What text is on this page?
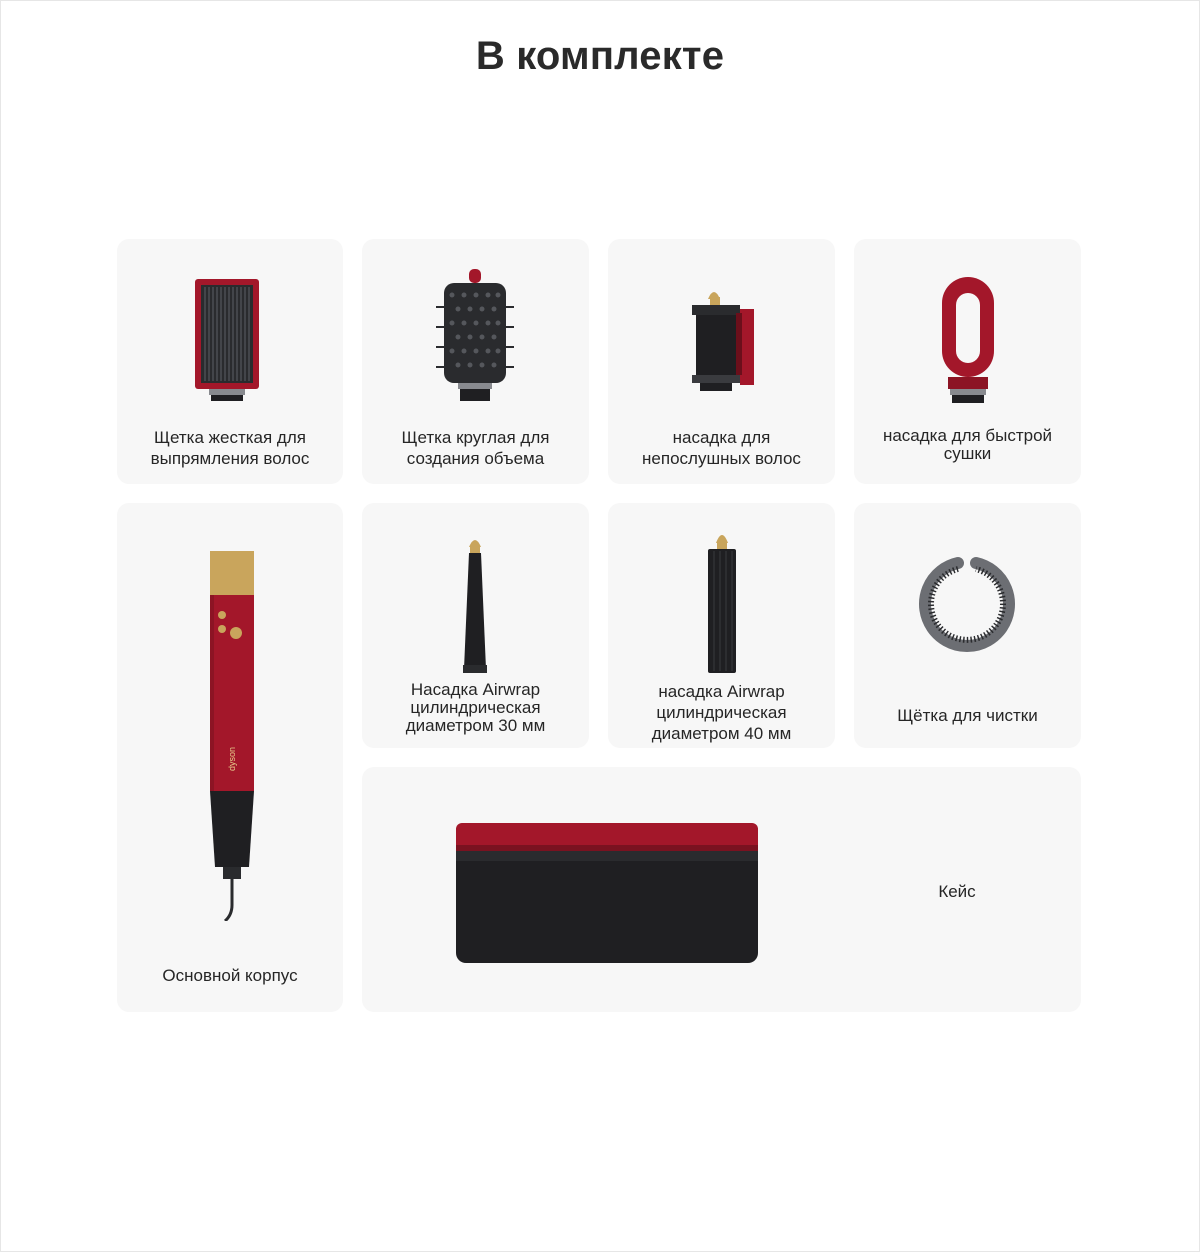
В комплекте
Щетка жесткая для
выпрямления волос
Щетка круглая для
создания объема
насадка для
непослушных волос
насадка для быстрой
сушки
dyson
Основной корпус
Насадка Airwrap
цилиндрическая
диаметром 30 мм
насадка Airwrap
цилиндрическая
диаметром 40 мм
Щётка для чистки
Кейс
